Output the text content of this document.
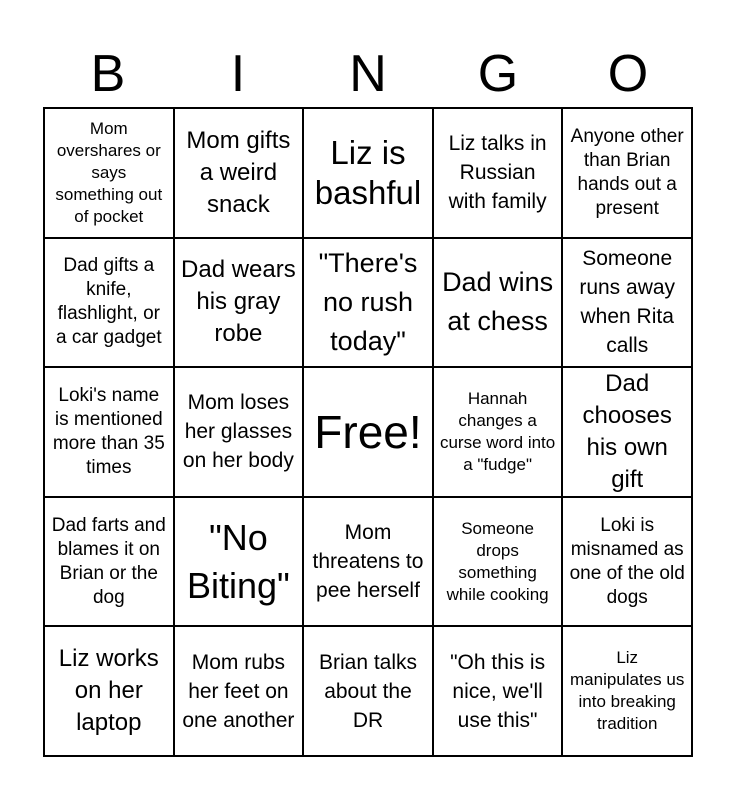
B	I	N	G	O
Mom overshares or says something out of pocket
Mom gifts a weird snack
Liz is bashful
Liz talks in Russian with family
Anyone other than Brian hands out a present
Dad gifts a knife, flashlight, or a car gadget
Dad wears his gray robe
"There's no rush today"
Dad wins at chess
Someone runs away when Rita calls
Loki's name is mentioned more than 35 times
Mom loses her glasses on her body
Free!
Hannah changes a curse word into a "fudge"
Dad chooses his own gift
Dad farts and blames it on Brian or the dog
"No Biting"
Mom threatens to pee herself
Someone drops something while cooking
Loki is misnamed as one of the old dogs
Liz works on her laptop
Mom rubs her feet on one another
Brian talks about the DR
"Oh this is nice, we'll use this"
Liz manipulates us into breaking tradition
